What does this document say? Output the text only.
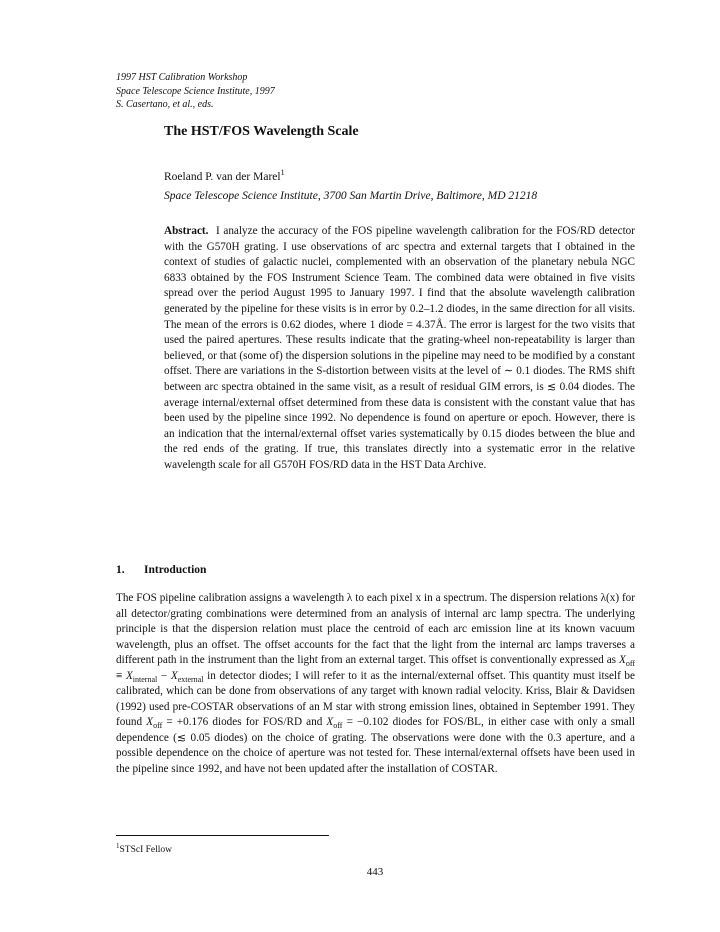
1997 HST Calibration Workshop
Space Telescope Science Institute, 1997
S. Casertano, et al., eds.
The HST/FOS Wavelength Scale
Roeland P. van der Marel$^1$
Space Telescope Science Institute, 3700 San Martin Drive, Baltimore, MD 21218

Abstract. I analyze the accuracy of the FOS pipeline wavelength calibration for the FOS/RD detector with the G570H grating. I use observations of arc spectra and external targets that I obtained in the context of studies of galactic nuclei, complemented with an observation of the planetary nebula NGC 6833 obtained by the FOS Instrument Science Team. The combined data were obtained in five visits spread over the period August 1995 to January 1997. I find that the absolute wavelength calibration generated by the pipeline for these visits is in error by 0.2–1.2 diodes, in the same direction for all visits. The mean of the errors is 0.62 diodes, where 1 diode = 4.37Å. The error is largest for the two visits that used the paired apertures. These results indicate that the grating-wheel non-repeatability is larger than believed, or that (some of) the dispersion solutions in the pipeline may need to be modified by a constant offset. There are variations in the S-distortion between visits at the level of ∼ 0.1 diodes. The RMS shift between arc spectra obtained in the same visit, as a result of residual GIM errors, is ≲ 0.04 diodes. The average internal/external offset determined from these data is consistent with the constant value that has been used by the pipeline since 1992. No dependence is found on aperture or epoch. However, there is an indication that the internal/external offset varies systematically by 0.15 diodes between the blue and the red ends of the grating. If true, this translates directly into a systematic error in the relative wavelength scale for all G570H FOS/RD data in the HST Data Archive.

1. Introduction

The FOS pipeline calibration assigns a wavelength λ to each pixel x in a spectrum. The dispersion relations λ(x) for all detector/grating combinations were determined from an analysis of internal arc lamp spectra. The underlying principle is that the dispersion relation must place the centroid of each arc emission line at its known vacuum wavelength, plus an offset. The offset accounts for the fact that the light from the internal arc lamps traverses a different path in the instrument than the light from an external target. This offset is conventionally expressed as $X_{off} \equiv X_{internal} - X_{external}$ in detector diodes; I will refer to it as the internal/external offset. This quantity must itself be calibrated, which can be done from observations of any target with known radial velocity. Kriss, Blair & Davidsen (1992) used pre-COSTAR observations of an M star with strong emission lines, obtained in September 1991. They found $X_{off} = +0.176$ diodes for FOS/RD and $X_{off} = -0.102$ diodes for FOS/BL, in either case with only a small dependence (≲ 0.05 diodes) on the choice of grating. The observations were done with the 0.3 aperture, and a possible dependence on the choice of aperture was not tested for. These internal/external offsets have been used in the pipeline since 1992, and have not been updated after the installation of COSTAR.

$^1$STScI Fellow
443
